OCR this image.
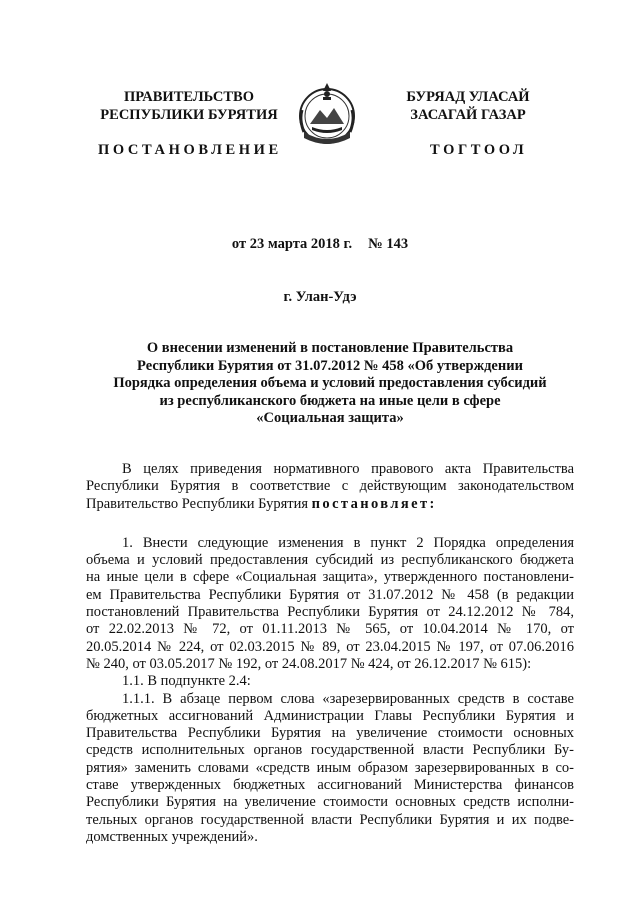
ПРАВИТЕЛЬСТВО
РЕСПУБЛИКИ БУРЯТИЯ
БУРЯАД УЛАСАЙ
ЗАСАГАЙ ГАЗАР
ПОСТАНОВЛЕНИЕ	ТОГТООЛ
от 23 марта 2018 г. № 143
г. Улан-Удэ
О внесении изменений в постановление Правительства
Республики Бурятия от 31.07.2012 № 458 «Об утверждении
Порядка определения объема и условий предоставления субсидий
из республиканского бюджета на иные цели в сфере
«Социальная защита»
В целях приведения нормативного правового акта Правительства
Республики Бурятия в соответствие с действующим законодательством
Правительство Республики Бурятия постановляет:
1. Внести следующие изменения в пункт 2 Порядка определения
объема и условий предоставления субсидий из республиканского бюджета
на иные цели в сфере «Социальная защита», утвержденного постановлени-
ем Правительства Республики Бурятия от 31.07.2012 № 458 (в редакции
постановлений Правительства Республики Бурятия от 24.12.2012 № 784,
от 22.02.2013 № 72, от 01.11.2013 № 565, от 10.04.2014 № 170, от
20.05.2014 № 224, от 02.03.2015 № 89, от 23.04.2015 № 197, от 07.06.2016
№ 240, от 03.05.2017 № 192, от 24.08.2017 № 424, от 26.12.2017 № 615):
1.1. В подпункте 2.4:
1.1.1. В абзаце первом слова «зарезервированных средств в составе
бюджетных ассигнований Администрации Главы Республики Бурятия и
Правительства Республики Бурятия на увеличение стоимости основных
средств исполнительных органов государственной власти Республики Бу-
рятия» заменить словами «средств иным образом зарезервированных в со-
ставе утвержденных бюджетных ассигнований Министерства финансов
Республики Бурятия на увеличение стоимости основных средств исполни-
тельных органов государственной власти Республики Бурятия и их подве-
домственных учреждений».
